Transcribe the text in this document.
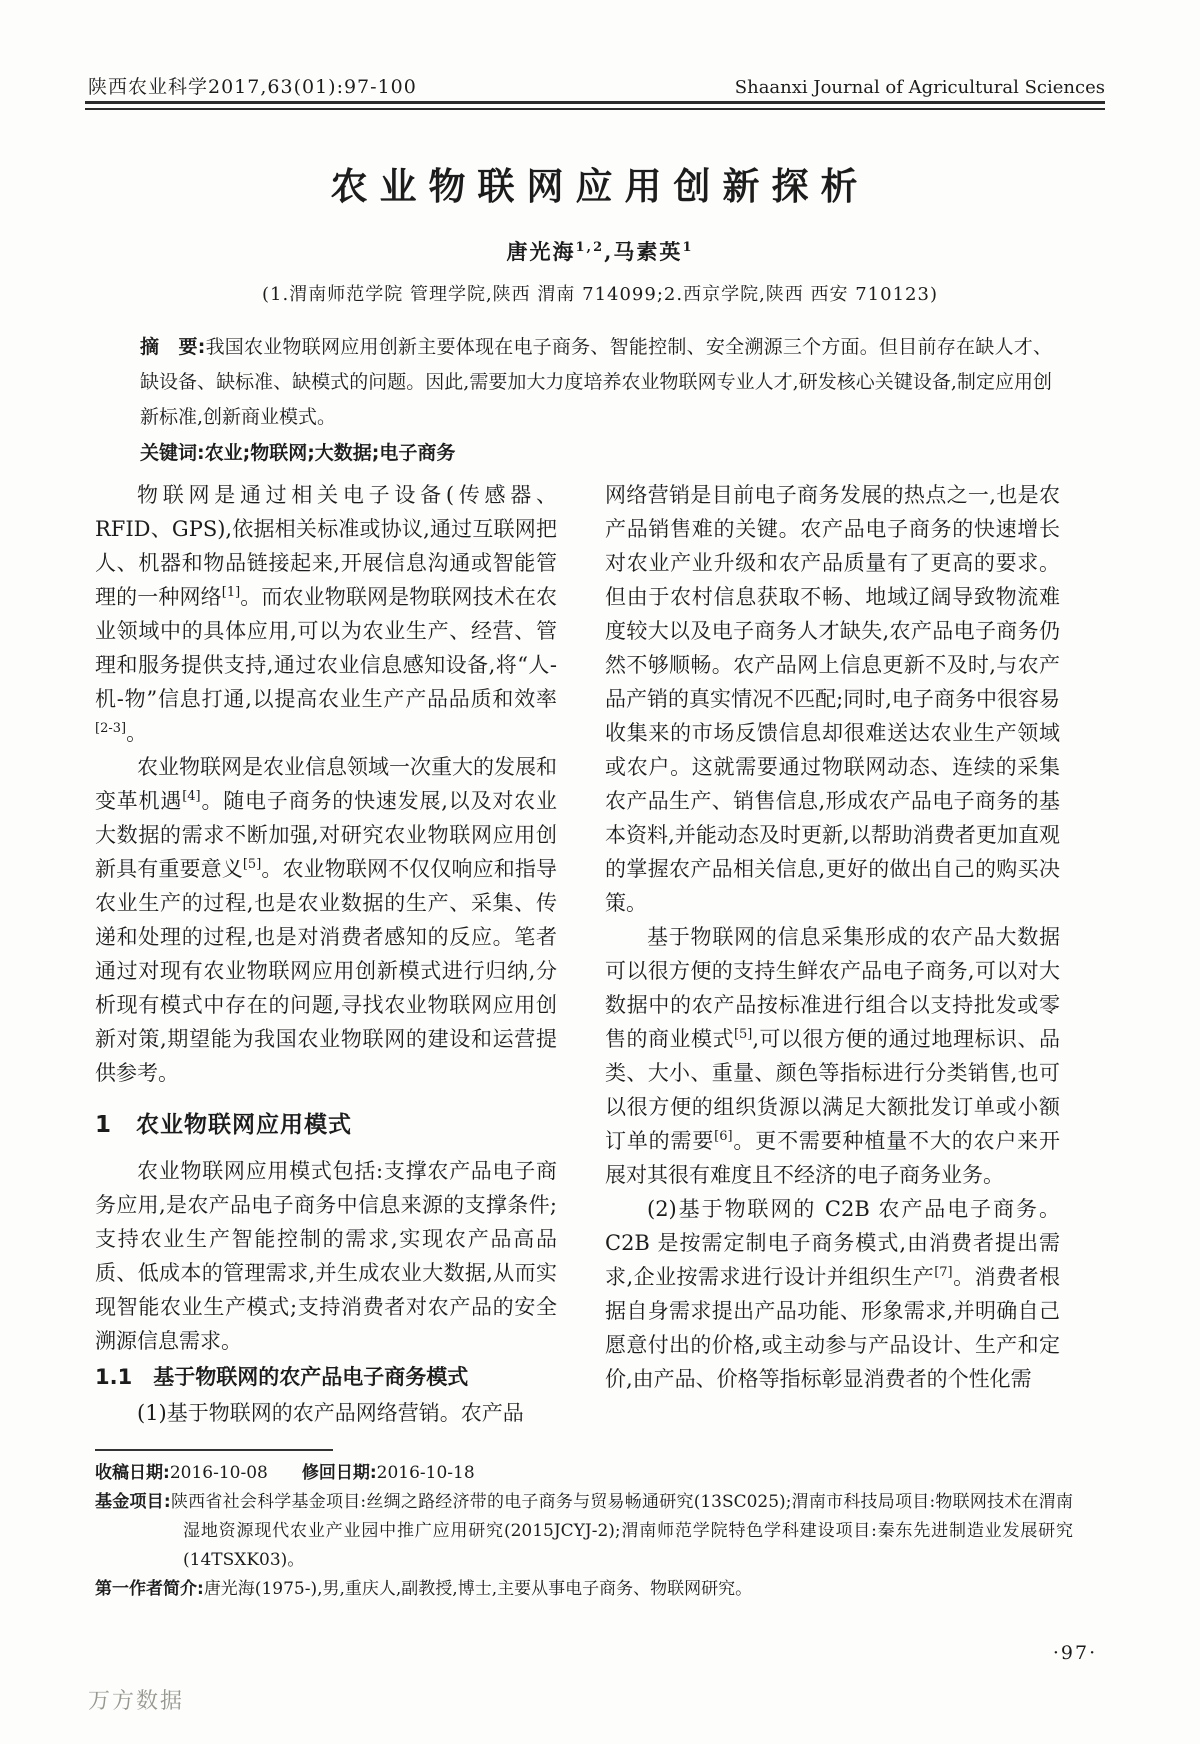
陕西农业科学2017,63(01):97-100	Shaanxi Journal of Agricultural Sciences
农业物联网应用创新探析
唐光海$^{1,2}$,马素英$^1$
(1.渭南师范学院 管理学院,陕西 渭南 714099;2.西京学院,陕西 西安 710123)
摘　要:我国农业物联网应用创新主要体现在电子商务、智能控制、安全溯源三个方面。但目前存在缺人才、缺设备、缺标准、缺模式的问题。因此,需要加大力度培养农业物联网专业人才,研发核心关键设备,制定应用创新标准,创新商业模式。
关键词:农业;物联网;大数据;电子商务

物联网是通过相关电子设备(传感器、RFID、GPS),依据相关标准或协议,通过互联网把人、机器和物品链接起来,开展信息沟通或智能管理的一种网络[1]。而农业物联网是物联网技术在农业领域中的具体应用,可以为农业生产、经营、管理和服务提供支持,通过农业信息感知设备,将“人-机-物”信息打通,以提高农业生产产品品质和效率[2-3]。

农业物联网是农业信息领域一次重大的发展和变革机遇[4]。随电子商务的快速发展,以及对农业大数据的需求不断加强,对研究农业物联网应用创新具有重要意义[5]。农业物联网不仅仅响应和指导农业生产的过程,也是农业数据的生产、采集、传递和处理的过程,也是对消费者感知的反应。笔者通过对现有农业物联网应用创新模式进行归纳,分析现有模式中存在的问题,寻找农业物联网应用创新对策,期望能为我国农业物联网的建设和运营提供参考。

1　农业物联网应用模式

农业物联网应用模式包括:支撑农产品电子商务应用,是农产品电子商务中信息来源的支撑条件;支持农业生产智能控制的需求,实现农产品高品质、低成本的管理需求,并生成农业大数据,从而实现智能农业生产模式;支持消费者对农产品的安全溯源信息需求。

1.1　基于物联网的农产品电子商务模式

(1)基于物联网的农产品网络营销。农产品

网络营销是目前电子商务发展的热点之一,也是农产品销售难的关键。农产品电子商务的快速增长对农业产业升级和农产品质量有了更高的要求。但由于农村信息获取不畅、地域辽阔导致物流难度较大以及电子商务人才缺失,农产品电子商务仍然不够顺畅。农产品网上信息更新不及时,与农产品产销的真实情况不匹配;同时,电子商务中很容易收集来的市场反馈信息却很难送达农业生产领域或农户。这就需要通过物联网动态、连续的采集农产品生产、销售信息,形成农产品电子商务的基本资料,并能动态及时更新,以帮助消费者更加直观的掌握农产品相关信息,更好的做出自己的购买决策。

基于物联网的信息采集形成的农产品大数据可以很方便的支持生鲜农产品电子商务,可以对大数据中的农产品按标准进行组合以支持批发或零售的商业模式[5],可以很方便的通过地理标识、品类、大小、重量、颜色等指标进行分类销售,也可以很方便的组织货源以满足大额批发订单或小额订单的需要[6]。更不需要种植量不大的农户来开展对其很有难度且不经济的电子商务业务。

(2)基于物联网的 C2B 农产品电子商务。C2B 是按需定制电子商务模式,由消费者提出需求,企业按需求进行设计并组织生产[7]。消费者根据自身需求提出产品功能、形象需求,并明确自己愿意付出的价格,或主动参与产品设计、生产和定价,由产品、价格等指标彰显消费者的个性化需

收稿日期:2016-10-08　　 修回日期:2016-10-18

基金项目:陕西省社会科学基金项目:丝绸之路经济带的电子商务与贸易畅通研究(13SC025);渭南市科技局项目:物联网技术在渭南湿地资源现代农业产业园中推广应用研究(2015JCYJ-2);渭南师范学院特色学科建设项目:秦东先进制造业发展研究(14TSXK03)。

第一作者简介:唐光海(1975-),男,重庆人,副教授,博士,主要从事电子商务、物联网研究。

·97·
万方数据
